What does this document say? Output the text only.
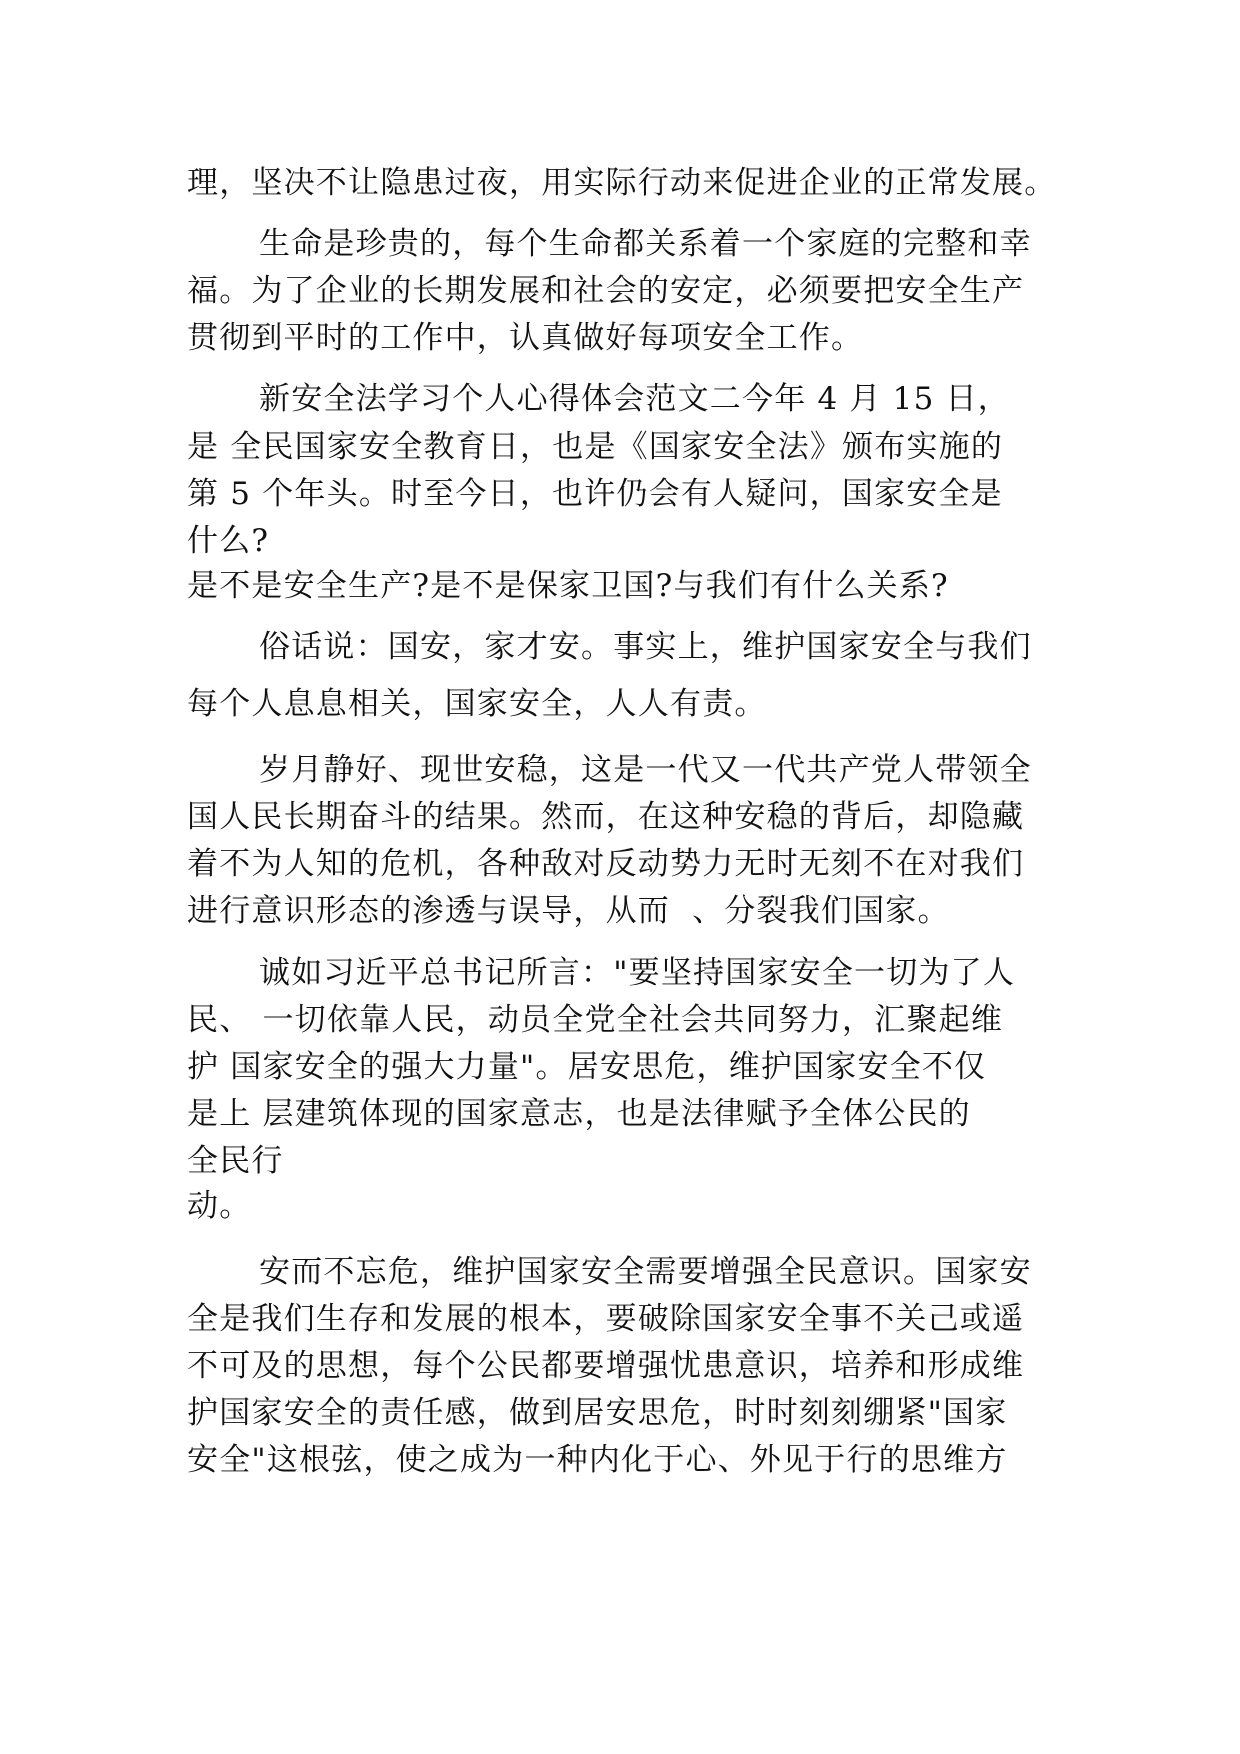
理，坚决不让隐患过夜，用实际行动来促进企业的正常发展。
生命是珍贵的，每个生命都关系着一个家庭的完整和幸
福。为了企业的长期发展和社会的安定，必须要把安全生产
贯彻到平时的工作中，认真做好每项安全工作。
新安全法学习个人心得体会范文二今年 4 月 15 日，
是 全民国家安全教育日，也是《国家安全法》颁布实施的
第 5 个年头。时至今日，也许仍会有人疑问，国家安全是
什么?
是不是安全生产?是不是保家卫国?与我们有什么关系?
俗话说：国安，家才安。事实上，维护国家安全与我们
每个人息息相关，国家安全，人人有责。
岁月静好、现世安稳，这是一代又一代共产党人带领全
国人民长期奋斗的结果。然而，在这种安稳的背后，却隐藏
着不为人知的危机，各种敌对反动势力无时无刻不在对我们
进行意识形态的渗透与误导，从而  、分裂我们国家。
诚如习近平总书记所言："要坚持国家安全一切为了人
民、 一切依靠人民，动员全党全社会共同努力，汇聚起维
护 国家安全的强大力量"。居安思危，维护国家安全不仅
是上 层建筑体现的国家意志，也是法律赋予全体公民的
全民行
动。
安而不忘危，维护国家安全需要增强全民意识。国家安
全是我们生存和发展的根本，要破除国家安全事不关己或遥
不可及的思想，每个公民都要增强忧患意识，培养和形成维
护国家安全的责任感，做到居安思危，时时刻刻绷紧"国家
安全"这根弦，使之成为一种内化于心、外见于行的思维方
